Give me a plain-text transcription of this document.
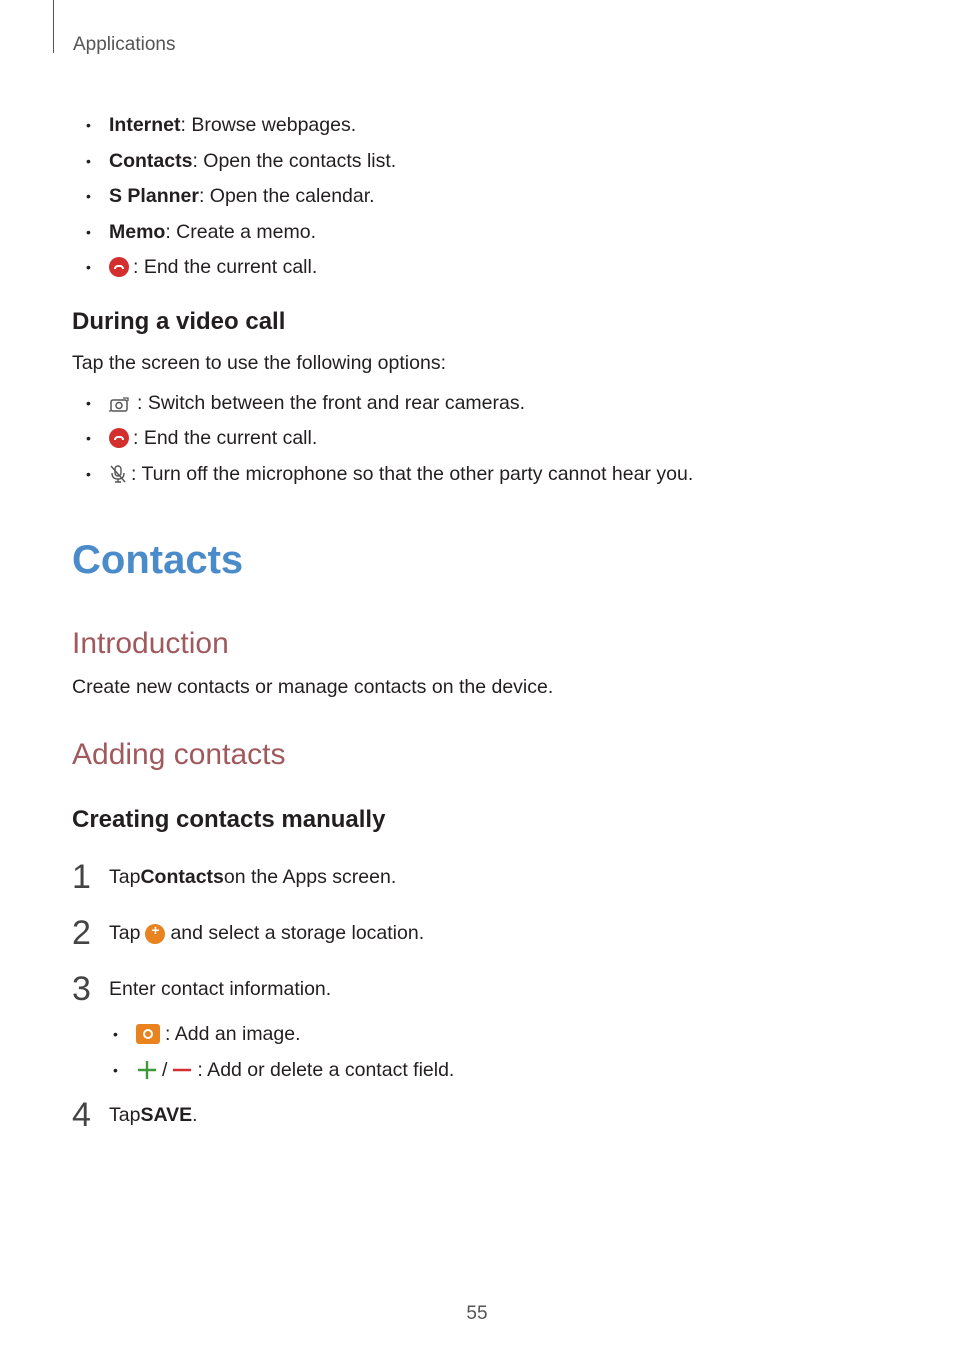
Applications
• Internet : Browse webpages.
• Contacts : Open the contacts list.
• S Planner : Open the calendar.
• Memo : Create a memo.
• : End the current call.
During a video call
Tap the screen to use the following options:
• : Switch between the front and rear cameras.
• : End the current call.
• : Turn off the microphone so that the other party cannot hear you.
Contacts
Introduction
Create new contacts or manage contacts on the device.
Adding contacts
Creating contacts manually
1 Tap Contacts on the Apps screen.
2 Tap
+ and select a storage location.
3 Enter contact information.
• : Add an image.
• / : Add or delete a contact field.
4 Tap SAVE .
55
